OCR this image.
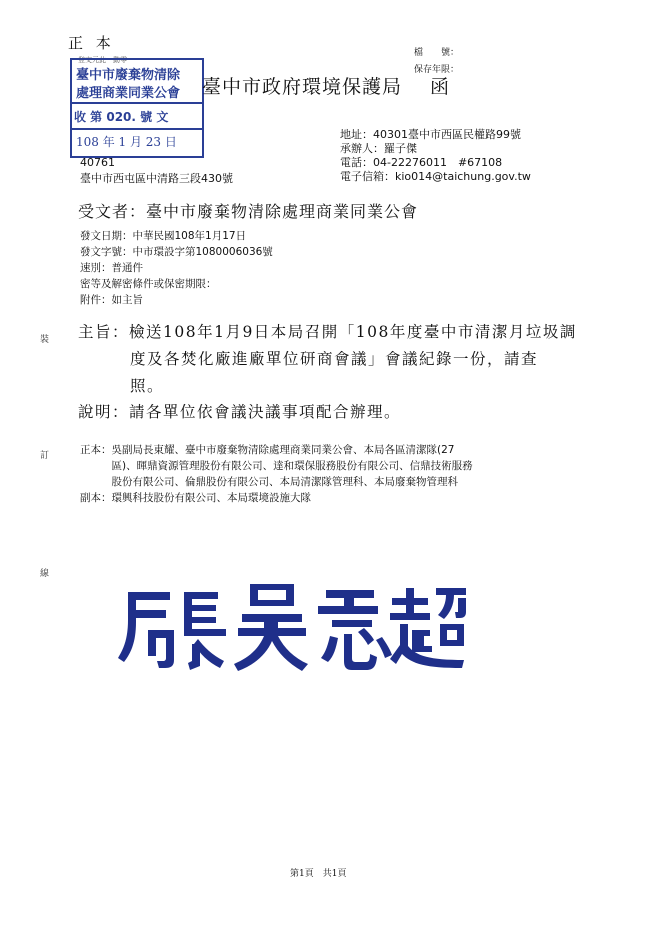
正 本
登文元此一動零
臺中市廢棄物清除
處理商業同業公會
收 第 020. 號 文
108 年 1 月 23 日
臺中市政府環境保護局 函
檔　　號：
保存年限：
地址：40301臺中市西區民權路99號
承辦人：羅子傑
電話：04-22276011　#67108
電子信箱：kio014@taichung.gov.tw
40761
臺中市西屯區中清路三段430號
受文者：臺中市廢棄物清除處理商業同業公會
發文日期：中華民國108年1月17日
發文字號：中市環設字第1080006036號
速別：普通件
密等及解密條件或保密期限：
附件：如主旨
主旨：檢送108年1月9日本局召開「108年度臺中市清潔月垃圾調
度及各焚化廠進廠單位研商會議」會議紀錄一份，請查
照。
說明：請各單位依會議決議事項配合辦理。
正本：吳副局長東耀、臺中市廢棄物清除處理商業同業公會、本局各區清潔隊(27
　　　區)、暉鼎資源管理股份有限公司、達和環保服務股份有限公司、信鼎技術服務
　　　股份有限公司、倫鼎股份有限公司、本局清潔隊管理科、本局廢棄物管理科
副本：環興科技股份有限公司、本局環境設施大隊
裝
訂
線
第1頁　共1頁
